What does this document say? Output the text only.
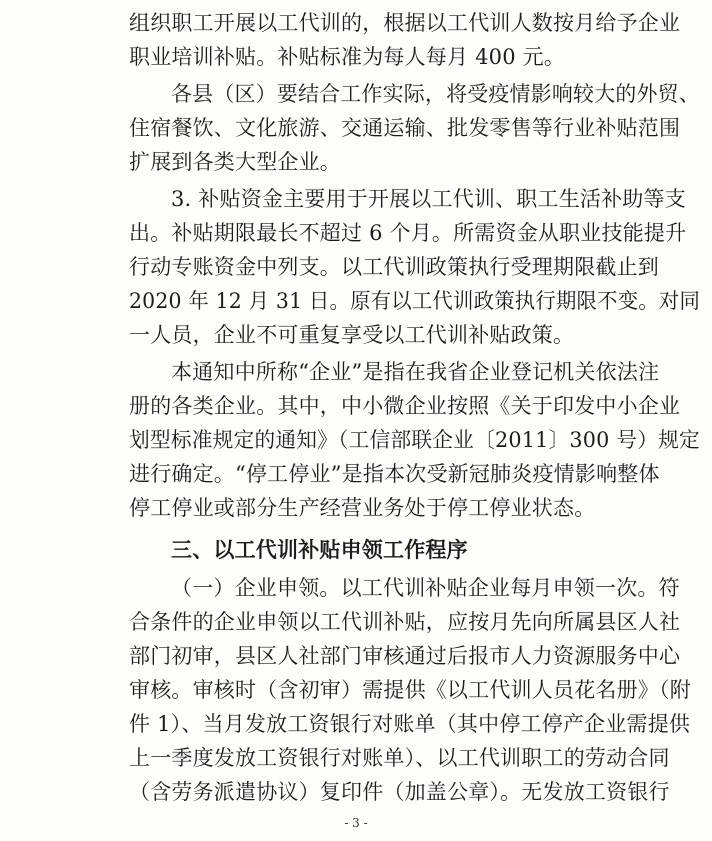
组织职工开展以工代训的，根据以工代训人数按月给予企业
职业培训补贴。补贴标准为每人每月 400 元。
各县（区）要结合工作实际，将受疫情影响较大的外贸、
住宿餐饮、文化旅游、交通运输、批发零售等行业补贴范围
扩展到各类大型企业。
3. 补贴资金主要用于开展以工代训、职工生活补助等支
出。补贴期限最长不超过 6 个月。所需资金从职业技能提升
行动专账资金中列支。以工代训政策执行受理期限截止到
2020 年 12 月 31 日。原有以工代训政策执行期限不变。对同
一人员，企业不可重复享受以工代训补贴政策。
本通知中所称“企业”是指在我省企业登记机关依法注
册的各类企业。其中，中小微企业按照《关于印发中小企业
划型标准规定的通知》（工信部联企业〔2011〕300 号）规定
进行确定。“停工停业”是指本次受新冠肺炎疫情影响整体
停工停业或部分生产经营业务处于停工停业状态。
三、以工代训补贴申领工作程序
（一）企业申领。以工代训补贴企业每月申领一次。符
合条件的企业申领以工代训补贴，应按月先向所属县区人社
部门初审，县区人社部门审核通过后报市人力资源服务中心
审核。审核时（含初审）需提供《以工代训人员花名册》（附
件 1）、当月发放工资银行对账单（其中停工停产企业需提供
上一季度发放工资银行对账单）、以工代训职工的劳动合同
（含劳务派遣协议）复印件（加盖公章）。无发放工资银行
- 3 -
